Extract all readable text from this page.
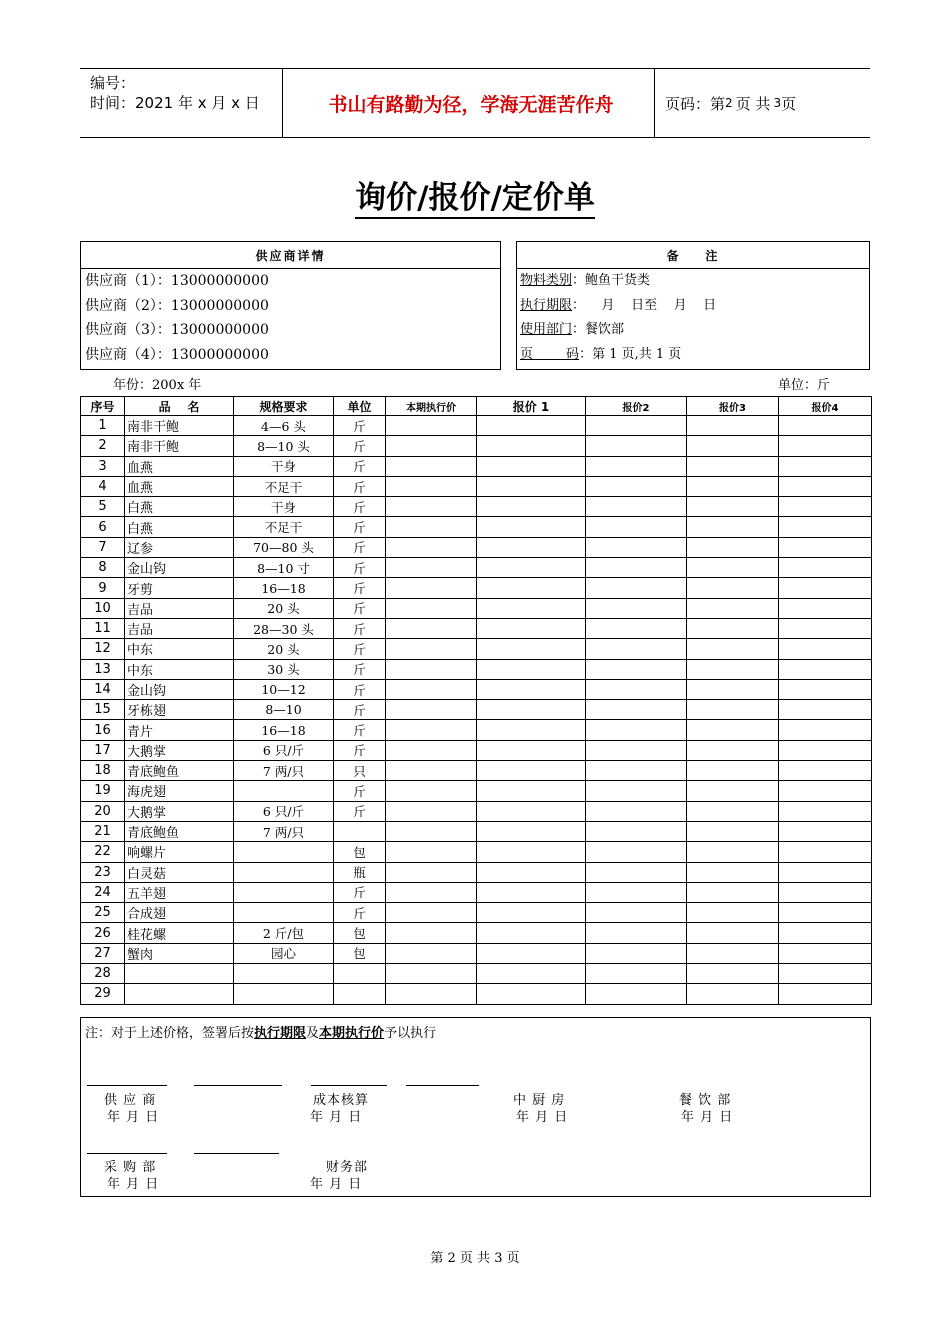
编号：
时间：2021 年 x 月 x 日	书山有路勤为径，学海无涯苦作舟	页码：第 2 页 共 3 页
询价/报价/定价单
供应商详情
供应商（1）：13000000000
供应商（2）：13000000000
供应商（3）：13000000000
供应商（4）：13000000000
备    注
物料类别：鲍鱼干货类
执行期限：    月    日至    月    日
使用部门：餐饮部
页        码：第 1 页,共 1 页
年份：200x 年	单位：斤
序号	品    名	规格要求	单位	本期执行价	报价 1	报价2	报价3	报价4
1	南非干鲍	4—6 头	斤					
2	南非干鲍	8—10 头	斤					
3	血燕	干身	斤					
4	血燕	不足干	斤					
5	白燕	干身	斤					
6	白燕	不足干	斤					
7	辽参	70—80 头	斤					
8	金山钩	8—10 寸	斤					
9	牙剪	16—18	斤					
10	吉品	20 头	斤					
11	吉品	28—30 头	斤					
12	中东	20 头	斤					
13	中东	30 头	斤					
14	金山钩	10—12	斤					
15	牙栋翅	8—10	斤					
16	青片	16—18	斤					
17	大鹅掌	6 只/斤	斤					
18	青底鲍鱼	7 两/只	只					
19	海虎翅		斤					
20	大鹅掌	6 只/斤	斤					
21	青底鲍鱼	7 两/只						
22	响螺片		包					
23	白灵菇		瓶					
24	五羊翅		斤					
25	合成翅		斤					
26	桂花螺	2 斤/包	包					
27	蟹肉	园心	包					
28								
29								
注：对于上述价格，签署后按执行期限及本期执行价予以执行
供 应 商
年 月 日
成本核算
年 月 日
中 厨 房
年 月 日
餐 饮 部
年 月 日
采 购 部
年 月 日
财务部
年 月 日
第 2 页 共 3 页
